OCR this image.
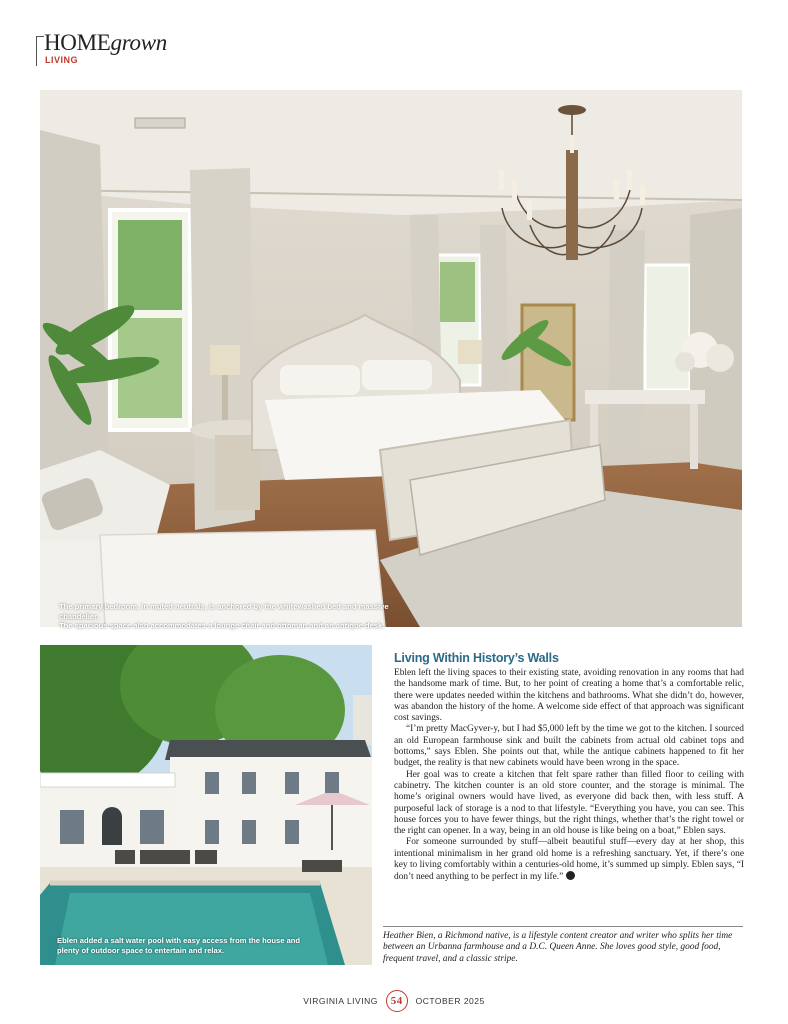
HOMEgrown
LIVING
The primary bedroom, in muted neutrals, is anchored by the whitewashed bed and massive chandelier.
The spacious space also accommodates a lounge chair and ottoman and an antique desk.
Eblen added a salt water pool with easy access from the house and
plenty of outdoor space to entertain and relax.
Living Within History’s Walls

Eblen left the living spaces to their existing state, avoiding renovation in any rooms that had the handsome mark of time. But, to her point of creating a home that’s a comfortable relic, there were updates needed within the kitchens and bathrooms. What she didn’t do, however, was abandon the history of the home. A welcome side effect of that approach was significant cost savings.

“I’m pretty MacGyver-y, but I had $5,000 left by the time we got to the kitchen. I sourced an old European farmhouse sink and built the cabinets from actual old cabinet tops and bottoms,” says Eblen. She points out that, while the antique cabinets happened to fit her budget, the reality is that new cabinets would have been wrong in the space.

Her goal was to create a kitchen that felt spare rather than filled floor to ceiling with cabinetry. The kitchen counter is an old store counter, and the storage is minimal. The home’s original owners would have lived, as everyone did back then, with less stuff. A purposeful lack of storage is a nod to that lifestyle. “Everything you have, you can see. This house forces you to have fewer things, but the right things, whether that’s the right towel or the right can opener. In a way, being in an old house is like being on a boat,” Eblen says.

For someone surrounded by stuff—albeit beautiful stuff—every day at her shop, this intentional minimalism in her grand old home is a refreshing sanctuary. Yet, if there’s one key to living comfortably within a centuries-old home, it’s summed up simply. Eblen says, “I don’t need anything to be perfect in my life.”

Heather Bien, a Richmond native, is a lifestyle content creator and writer who splits her time between an Urbanna farmhouse and a D.C. Queen Anne. She loves good style, good food, frequent travel, and a classic stripe.

VIRGINIA LIVING 54 OCTOBER 2025
